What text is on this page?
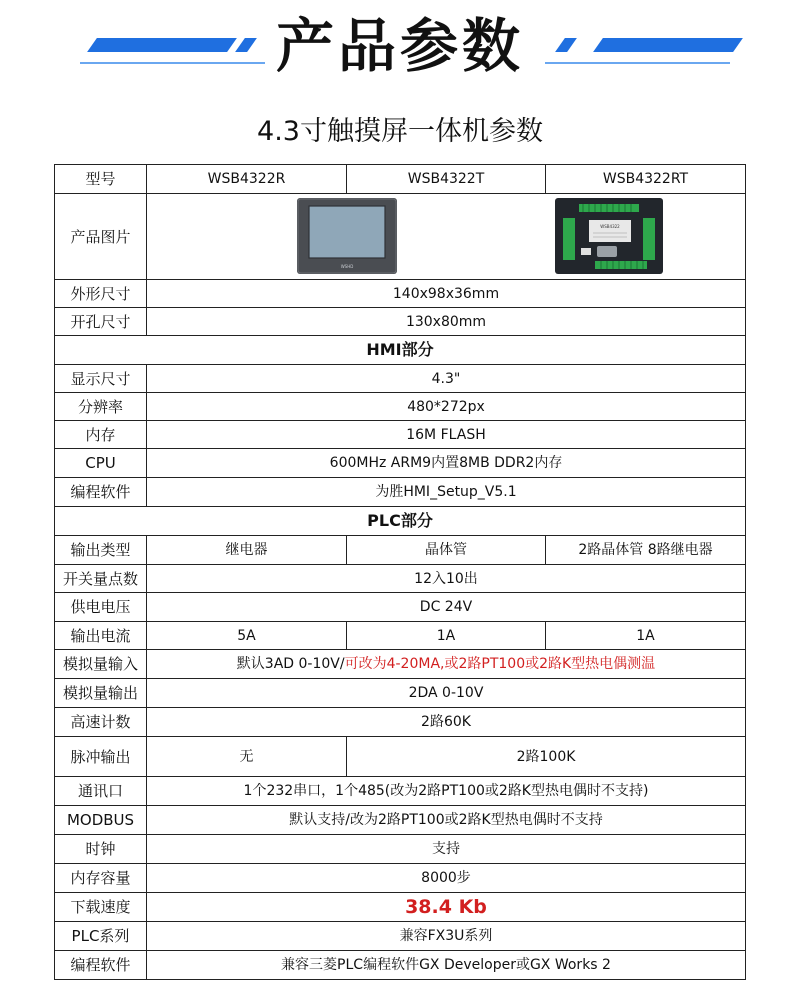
产品参数
4.3寸触摸屏一体机参数
型号	WSB4322R	WSB4322T	WSB4322RT
产品图片	WSHD
WSB4322		

外形尺寸	140x98x36mm		
开孔尺寸	130x80mm		
HMI部分			
显示尺寸	4.3"		
分辨率	480*272px		
内存	16M FLASH		
CPU	600MHz ARM9内置8MB DDR2内存		
编程软件	为胜HMI_Setup_V5.1		
PLC部分			
输出类型	继电器	晶体管	2路晶体管 8路继电器
开关量点数	12入10出		
供电电压	DC 24V		
输出电流	5A	1A	1A
模拟量输入	默认3AD 0-10V/可改为4-20MA,或2路PT100或2路K型热电偶测温		
模拟量输出	2DA 0-10V		
高速计数	2路60K		
脉冲输出	无	2路100K	
通讯口	1个232串口，1个485(改为2路PT100或2路K型热电偶时不支持)		
MODBUS	默认支持/改为2路PT100或2路K型热电偶时不支持		
时钟	支持		
内存容量	8000步		
下载速度	38.4 Kb		
PLC系列	兼容FX3U系列		
编程软件	兼容三菱PLC编程软件GX Developer或GX Works 2		
